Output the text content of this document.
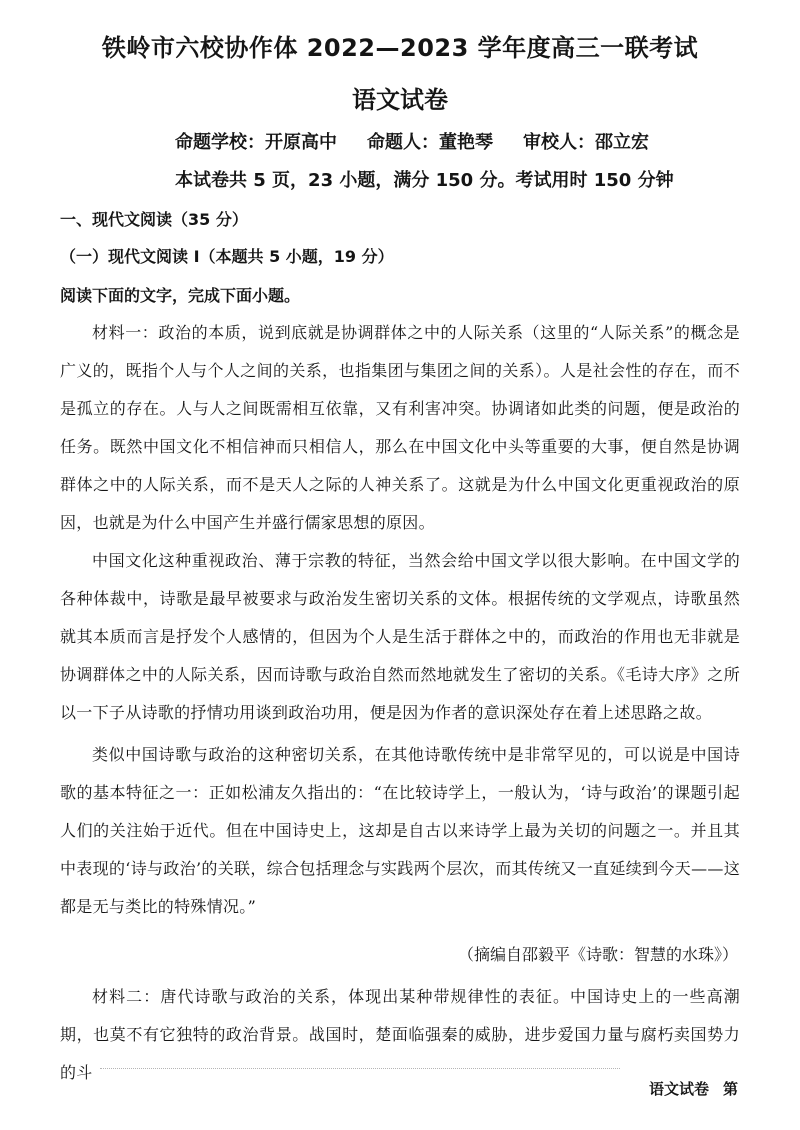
铁岭市六校协作体 2022—2023 学年度高三一联考试
语文试卷
命题学校：开原高中 命题人：董艳琴 审校人：邵立宏
本试卷共 5 页，23 小题，满分 150 分。考试用时 150 分钟
一、现代文阅读（35 分）
（一）现代文阅读 I（本题共 5 小题，19 分）
阅读下面的文字，完成下面小题。
材料一：政治的本质，说到底就是协调群体之中的人际关系（这里的“人际关系”的概念是广义的，既指个人与个人之间的关系，也指集团与集团之间的关系）。人是社会性的存在，而不是孤立的存在。人与人之间既需相互依靠，又有利害冲突。协调诸如此类的问题，便是政治的任务。既然中国文化不相信神而只相信人，那么在中国文化中头等重要的大事，便自然是协调群体之中的人际关系，而不是天人之际的人神关系了。这就是为什么中国文化更重视政治的原因，也就是为什么中国产生并盛行儒家思想的原因。
中国文化这种重视政治、薄于宗教的特征，当然会给中国文学以很大影响。在中国文学的各种体裁中，诗歌是最早被要求与政治发生密切关系的文体。根据传统的文学观点，诗歌虽然就其本质而言是抒发个人感情的，但因为个人是生活于群体之中的，而政治的作用也无非就是协调群体之中的人际关系，因而诗歌与政治自然而然地就发生了密切的关系。《毛诗大序》之所以一下子从诗歌的抒情功用谈到政治功用，便是因为作者的意识深处存在着上述思路之故。
类似中国诗歌与政治的这种密切关系，在其他诗歌传统中是非常罕见的，可以说是中国诗歌的基本特征之一：正如松浦友久指出的：“在比较诗学上，一般认为，‘诗与政治’的课题引起人们的关注始于近代。但在中国诗史上，这却是自古以来诗学上最为关切的问题之一。并且其中表现的‘诗与政治’的关联，综合包括理念与实践两个层次，而其传统又一直延续到今天——这都是无与类比的特殊情况。”
（摘编自邵毅平《诗歌：智慧的水珠》）
材料二：唐代诗歌与政治的关系，体现出某种带规律性的表征。中国诗史上的一些高潮期，也莫不有它独特的政治背景。战国时，楚面临强秦的威胁，进步爱国力量与腐朽卖国势力的斗
语文试卷 第
